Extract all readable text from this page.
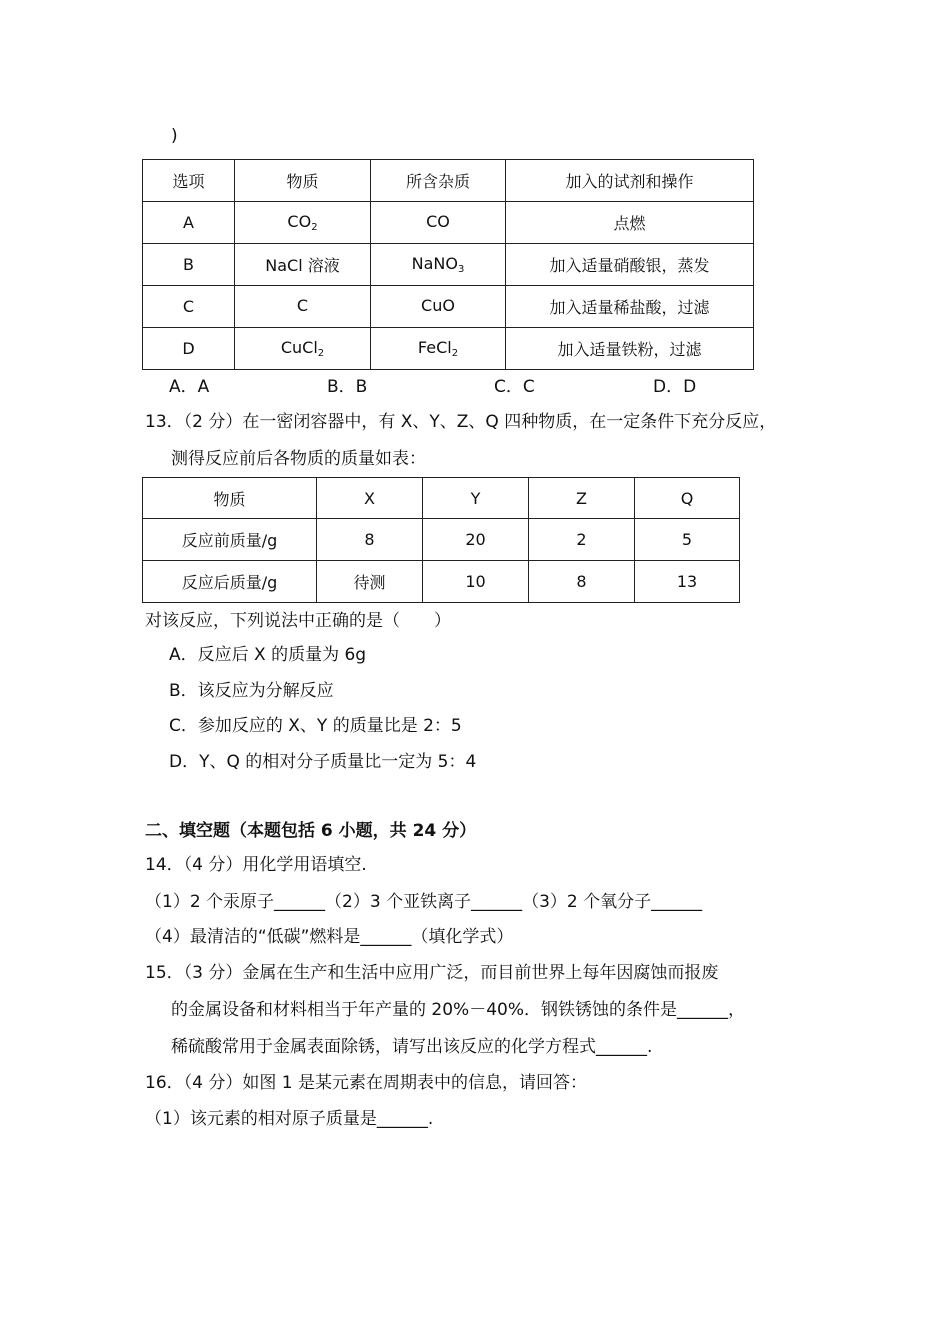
)
选项	物质	所含杂质	加入的试剂和操作
A	$CO_2$	CO	点燃
B	NaCl 溶液	NaNO$_3$	加入适量硝酸银，蒸发
C	C	CuO	加入适量稀盐酸，过滤
D	CuCl$_2$	FeCl$_2$	加入适量铁粉，过滤
A．A	B．B	C．C	D．D
13．（2 分）在一密闭容器中，有 X、Y、Z、Q 四种物质，在一定条件下充分反应，
测得反应前后各物质的质量如表：
物质	X	Y	Z	Q
反应前质量/g	8	20	2	5
反应后质量/g	待测	10	8	13
对该反应，下列说法中正确的是（　　）
A．反应后 X 的质量为 6g
B．该反应为分解反应
C．参加反应的 X、Y 的质量比是 2：5
D．Y、Q 的相对分子质量比一定为 5：4
二、填空题（本题包括 6 小题，共 24 分）
14．（4 分）用化学用语填空.
（1）2 个汞原子______（2）3 个亚铁离子______（3）2 个氧分子______
（4）最清洁的“低碳”燃料是______（填化学式）
15．（3 分）金属在生产和生活中应用广泛，而目前世界上每年因腐蚀而报废
的金属设备和材料相当于年产量的 20%－40%．钢铁锈蚀的条件是______，
稀硫酸常用于金属表面除锈，请写出该反应的化学方程式______.
16．（4 分）如图 1 是某元素在周期表中的信息，请回答：
（1）该元素的相对原子质量是______.
